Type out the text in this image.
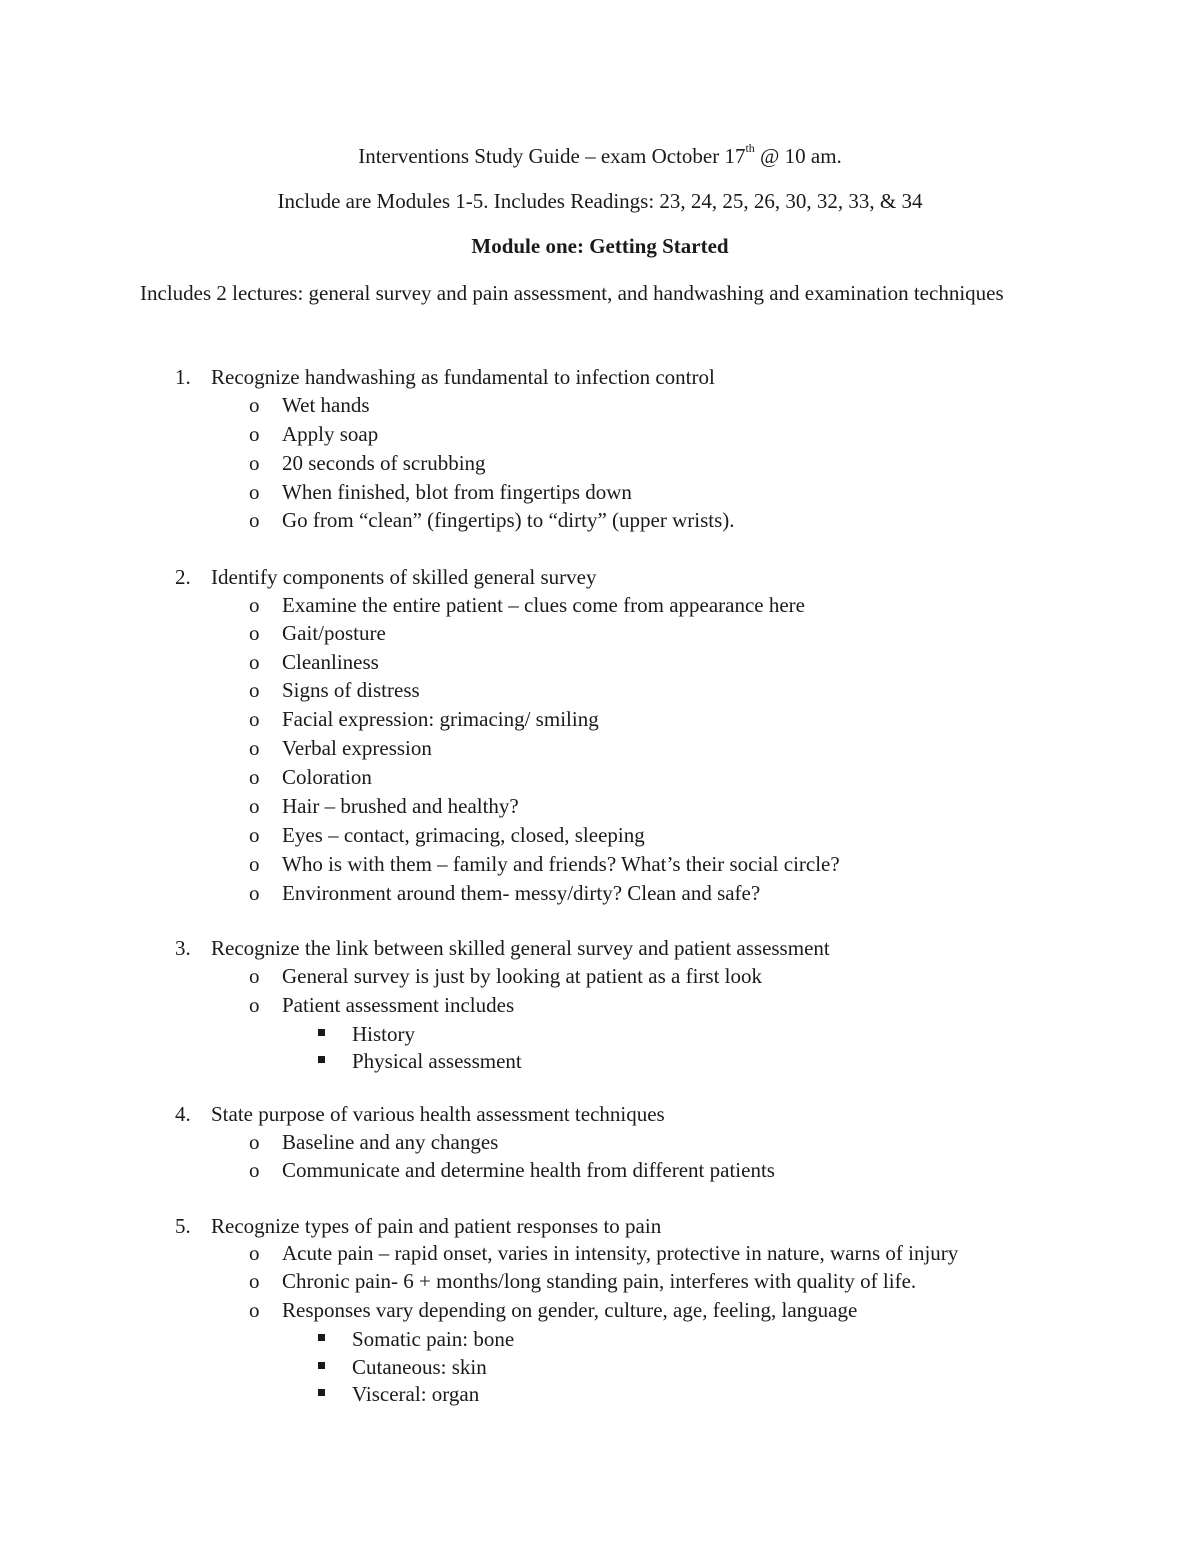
Interventions Study Guide – exam October 17th @ 10 am.
Include are Modules 1-5. Includes Readings: 23, 24, 25, 26, 30, 32, 33, & 34
Module one: Getting Started
Includes 2 lectures: general survey and pain assessment, and handwashing and examination techniques
1. Recognize handwashing as fundamental to infection control
o Wet hands
o Apply soap
o 20 seconds of scrubbing
o When finished, blot from fingertips down
o Go from “clean” (fingertips) to “dirty” (upper wrists).
2. Identify components of skilled general survey
o Examine the entire patient – clues come from appearance here
o Gait/posture
o Cleanliness
o Signs of distress
o Facial expression: grimacing/ smiling
o Verbal expression
o Coloration
o Hair – brushed and healthy?
o Eyes – contact, grimacing, closed, sleeping
o Who is with them – family and friends? What’s their social circle?
o Environment around them- messy/dirty? Clean and safe?
3. Recognize the link between skilled general survey and patient assessment
o General survey is just by looking at patient as a first look
o Patient assessment includes
History
Physical assessment
4. State purpose of various health assessment techniques
o Baseline and any changes
o Communicate and determine health from different patients
5. Recognize types of pain and patient responses to pain
o Acute pain – rapid onset, varies in intensity, protective in nature, warns of injury
o Chronic pain- 6 + months/long standing pain, interferes with quality of life.
o Responses vary depending on gender, culture, age, feeling, language
Somatic pain: bone
Cutaneous: skin
Visceral: organ
